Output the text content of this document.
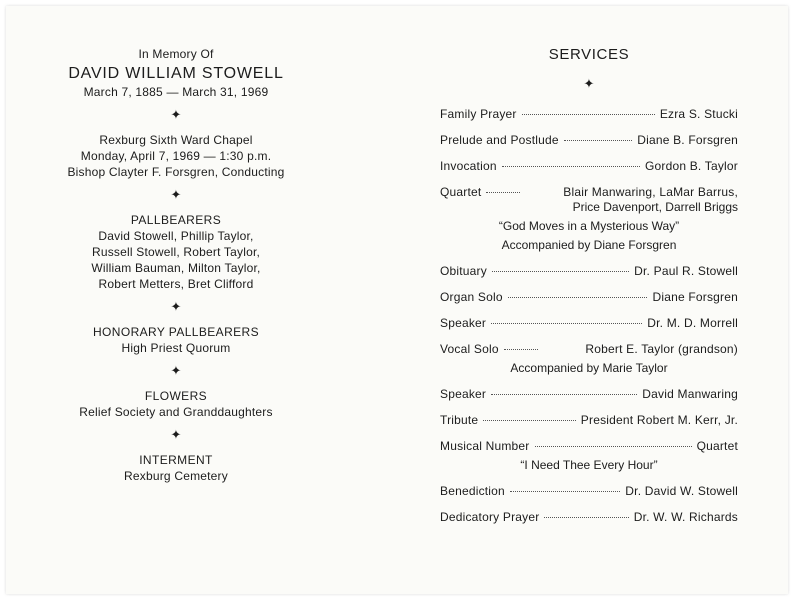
In Memory Of
DAVID WILLIAM STOWELL
March 7, 1885 — March 31, 1969
✦
Rexburg Sixth Ward Chapel
Monday, April 7, 1969 — 1:30 p.m.
Bishop Clayter F. Forsgren, Conducting
✦
PALLBEARERS
David Stowell, Phillip Taylor,
Russell Stowell, Robert Taylor,
William Bauman, Milton Taylor,
Robert Metters, Bret Clifford
✦
HONORARY PALLBEARERS
High Priest Quorum
✦
FLOWERS
Relief Society and Granddaughters
✦
INTERMENT
Rexburg Cemetery
SERVICES
✦
Family Prayer	Ezra S. Stucki
Prelude and Postlude	Diane B. Forsgren
Invocation	Gordon B. Taylor
Quartet	Blair Manwaring, LaMar Barrus,
Price Davenport, Darrell Briggs
“God Moves in a Mysterious Way”
Accompanied by Diane Forsgren
Obituary	Dr. Paul R. Stowell
Organ Solo	Diane Forsgren
Speaker	Dr. M. D. Morrell
Vocal Solo	Robert E. Taylor (grandson)
Accompanied by Marie Taylor
Speaker	David Manwaring
Tribute	President Robert M. Kerr, Jr.
Musical Number	Quartet
“I Need Thee Every Hour”
Benediction	Dr. David W. Stowell
Dedicatory Prayer	Dr. W. W. Richards
